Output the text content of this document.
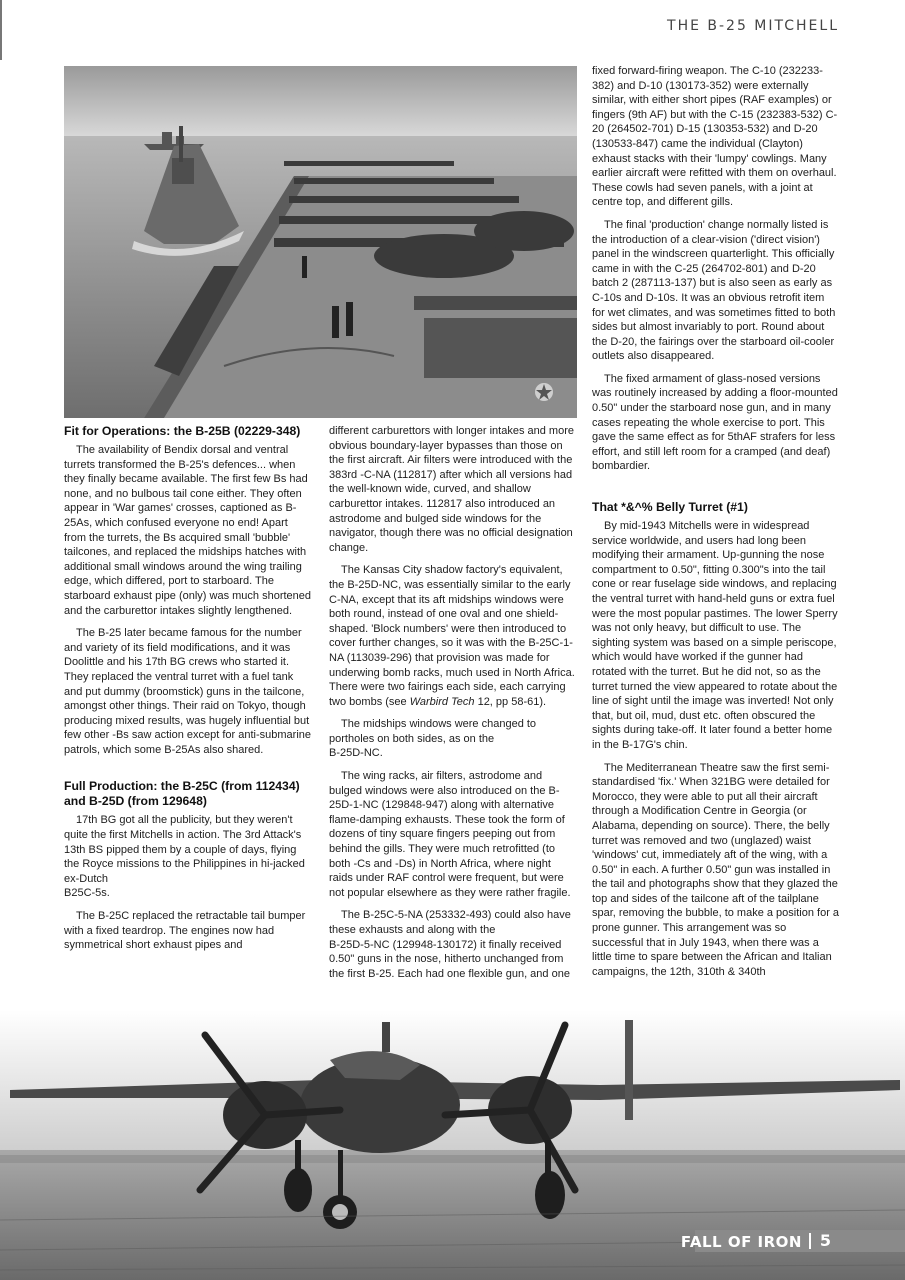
THE B-25 MITCHELL
Fit for Operations: the B-25B (02229-348)

The availability of Bendix dorsal and ventral turrets transformed the B-25's defences... when they finally became available. The first few Bs had none, and no bulbous tail cone either. They often appear in 'War games' crosses, captioned as B-25As, which confused everyone no end! Apart from the turrets, the Bs acquired small 'bubble' tailcones, and replaced the midships hatches with additional small windows around the wing trailing edge, which differed, port to starboard. The starboard exhaust pipe (only) was much shortened and the carburettor intakes slightly lengthened.

The B-25 later became famous for the number and variety of its field modifications, and it was Doolittle and his 17th BG crews who started it. They replaced the ventral turret with a fuel tank and put dummy (broomstick) guns in the tailcone, amongst other things. Their raid on Tokyo, though producing mixed results, was hugely influential but few other -Bs saw action except for anti-submarine patrols, which some B-25As also shared.

Full Production: the B-25C (from 112434) and B-25D (from 129648)

17th BG got all the publicity, but they weren't quite the first Mitchells in action. The 3rd Attack's 13th BS pipped them by a couple of days, flying the Royce missions to the Philippines in hi-jacked ex-Dutch

B25C-5s.

The B-25C replaced the retractable tail bumper with a fixed teardrop. The engines now had symmetrical short exhaust pipes and

different carburettors with longer intakes and more obvious boundary-layer bypasses than those on the first aircraft. Air filters were introduced with the 383rd -C-NA (112817) after which all versions had the well-known wide, curved, and shallow carburettor intakes. 112817 also introduced an astrodome and bulged side windows for the navigator, though there was no official designation change.

The Kansas City shadow factory's equivalent, the B-25D-NC, was essentially similar to the early C-NA, except that its aft midships windows were both round, instead of one oval and one shield-shaped. 'Block numbers' were then introduced to cover further changes, so it was with the B-25C-1-NA (113039-296) that provision was made for underwing bomb racks, much used in North Africa. There were two fairings each side, each carrying two bombs (see Warbird Tech 12, pp 58-61).

The midships windows were changed to portholes on both sides, as on the

B-25D-NC.

The wing racks, air filters, astrodome and bulged windows were also introduced on the B-25D-1-NC (129848-947) along with alternative flame-damping exhausts. These took the form of dozens of tiny square fingers peeping out from behind the gills. They were much retrofitted (to both -Cs and -Ds) in North Africa, where night raids under RAF control were frequent, but were not popular elsewhere as they were rather fragile.

The B-25C-5-NA (253332-493) could also have these exhausts and along with the

B-25D-5-NC (129948-130172) it finally received 0.50" guns in the nose, hitherto unchanged from the first B-25. Each had one flexible gun, and one

fixed forward-firing weapon. The C-10 (232233-382) and D-10 (130173-352) were externally similar, with either short pipes (RAF examples) or fingers (9th AF) but with the C-15 (232383-532) C-20 (264502-701) D-15 (130353-532) and D-20 (130533-847) came the individual (Clayton) exhaust stacks with their 'lumpy' cowlings. Many earlier aircraft were refitted with them on overhaul. These cowls had seven panels, with a joint at centre top, and different gills.

The final 'production' change normally listed is the introduction of a clear-vision ('direct vision') panel in the windscreen quarterlight. This officially came in with the C-25 (264702-801) and D-20 batch 2 (287113-137) but is also seen as early as C-10s and D-10s. It was an obvious retrofit item for wet climates, and was sometimes fitted to both sides but almost invariably to port. Round about the D-20, the fairings over the starboard oil-cooler outlets also disappeared.

The fixed armament of glass-nosed versions was routinely increased by adding a floor-mounted 0.50" under the starboard nose gun, and in many cases repeating the whole exercise to port. This gave the same effect as for 5thAF strafers for less effort, and still left room for a cramped (and deaf) bombardier.

That *&^% Belly Turret (#1)

By mid-1943 Mitchells were in widespread service worldwide, and users had long been modifying their armament. Up-gunning the nose compartment to 0.50", fitting 0.300"s into the tail cone or rear fuselage side windows, and replacing the ventral turret with hand-held guns or extra fuel were the most popular pastimes. The lower Sperry was not only heavy, but difficult to use. The sighting system was based on a simple periscope, which would have worked if the gunner had rotated with the turret. But he did not, so as the turret turned the view appeared to rotate about the line of sight until the image was inverted! Not only that, but oil, mud, dust etc. often obscured the sights during take-off. It later found a better home in the B-17G's chin.

The Mediterranean Theatre saw the first semi-standardised 'fix.' When 321BG were detailed for Morocco, they were able to put all their aircraft through a Modification Centre in Georgia (or Alabama, depending on source). There, the belly turret was removed and two (unglazed) waist 'windows' cut, immediately aft of the wing, with a 0.50" in each. A further 0.50" gun was installed in the tail and photographs show that they glazed the top and sides of the tailcone aft of the tailplane spar, removing the bubble, to make a position for a prone gunner. This arrangement was so successful that in July 1943, when there was a little time to spare between the African and Italian campaigns, the 12th, 310th & 340th

FALL OF IRON 5
